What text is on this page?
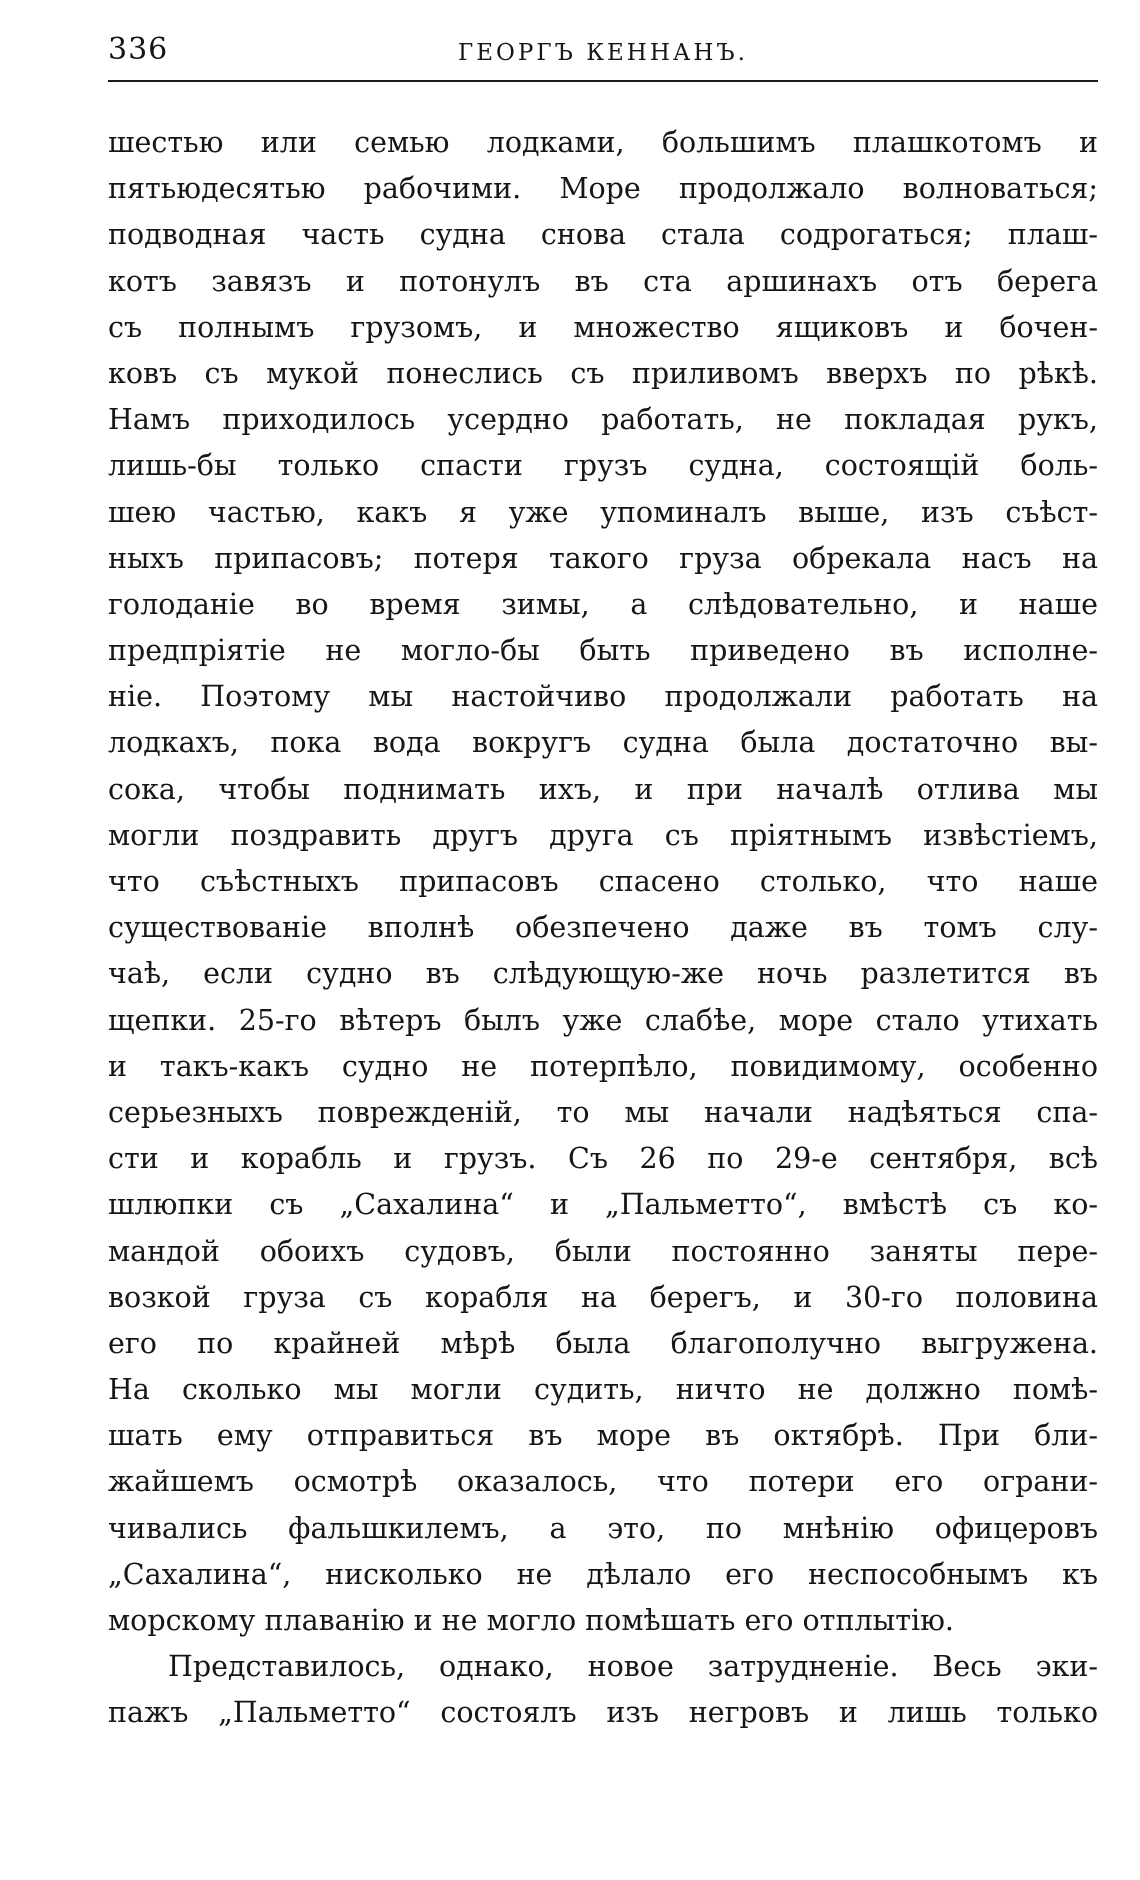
336	ГЕОРГЪ КЕННАНЪ.
шестью или семью лодками, большимъ плашкотомъ и
пятьюдесятью рабочими. Море продолжало волноваться;
подводная часть судна снова стала содрогаться; плаш-
котъ завязъ и потонулъ въ ста аршинахъ отъ берега
съ полнымъ грузомъ, и множество ящиковъ и бочен-
ковъ съ мукой понеслись съ приливомъ вверхъ по рѣкѣ.
Намъ приходилось усердно работать, не покладая рукъ,
лишь-бы только спасти грузъ судна, состоящій боль-
шею частью, какъ я уже упоминалъ выше, изъ съѣст-
ныхъ припасовъ; потеря такого груза обрекала насъ на
голоданіе во время зимы, а слѣдовательно, и наше
предпріятіе не могло-бы быть приведено въ исполне-
ніе. Поэтому мы настойчиво продолжали работать на
лодкахъ, пока вода вокругъ судна была достаточно вы-
сока, чтобы поднимать ихъ, и при началѣ отлива мы
могли поздравить другъ друга съ пріятнымъ извѣстіемъ,
что съѣстныхъ припасовъ спасено столько, что наше
существованіе вполнѣ обезпечено даже въ томъ слу-
чаѣ, если судно въ слѣдующую-же ночь разлетится въ
щепки. 25-го вѣтеръ былъ уже слабѣе, море стало утихать
и такъ-какъ судно не потерпѣло, повидимому, особенно
серьезныхъ поврежденій, то мы начали надѣяться спа-
сти и корабль и грузъ. Съ 26 по 29-е сентября, всѣ
шлюпки съ „Сахалина“ и „Пальметто“, вмѣстѣ съ ко-
мандой обоихъ судовъ, были постоянно заняты пере-
возкой груза съ корабля на берегъ, и 30-го половина
его по крайней мѣрѣ была благополучно выгружена.
На сколько мы могли судить, ничто не должно помѣ-
шать ему отправиться въ море въ октябрѣ. При бли-
жайшемъ осмотрѣ оказалось, что потери его ограни-
чивались фальшкилемъ, а это, по мнѣнію офицеровъ
„Сахалина“, нисколько не дѣлало его неспособнымъ къ
морскому плаванію и не могло помѣшать его отплытію.
Представилось, однако, новое затрудненіе. Весь эки-
пажъ „Пальметто“ состоялъ изъ негровъ и лишь только
